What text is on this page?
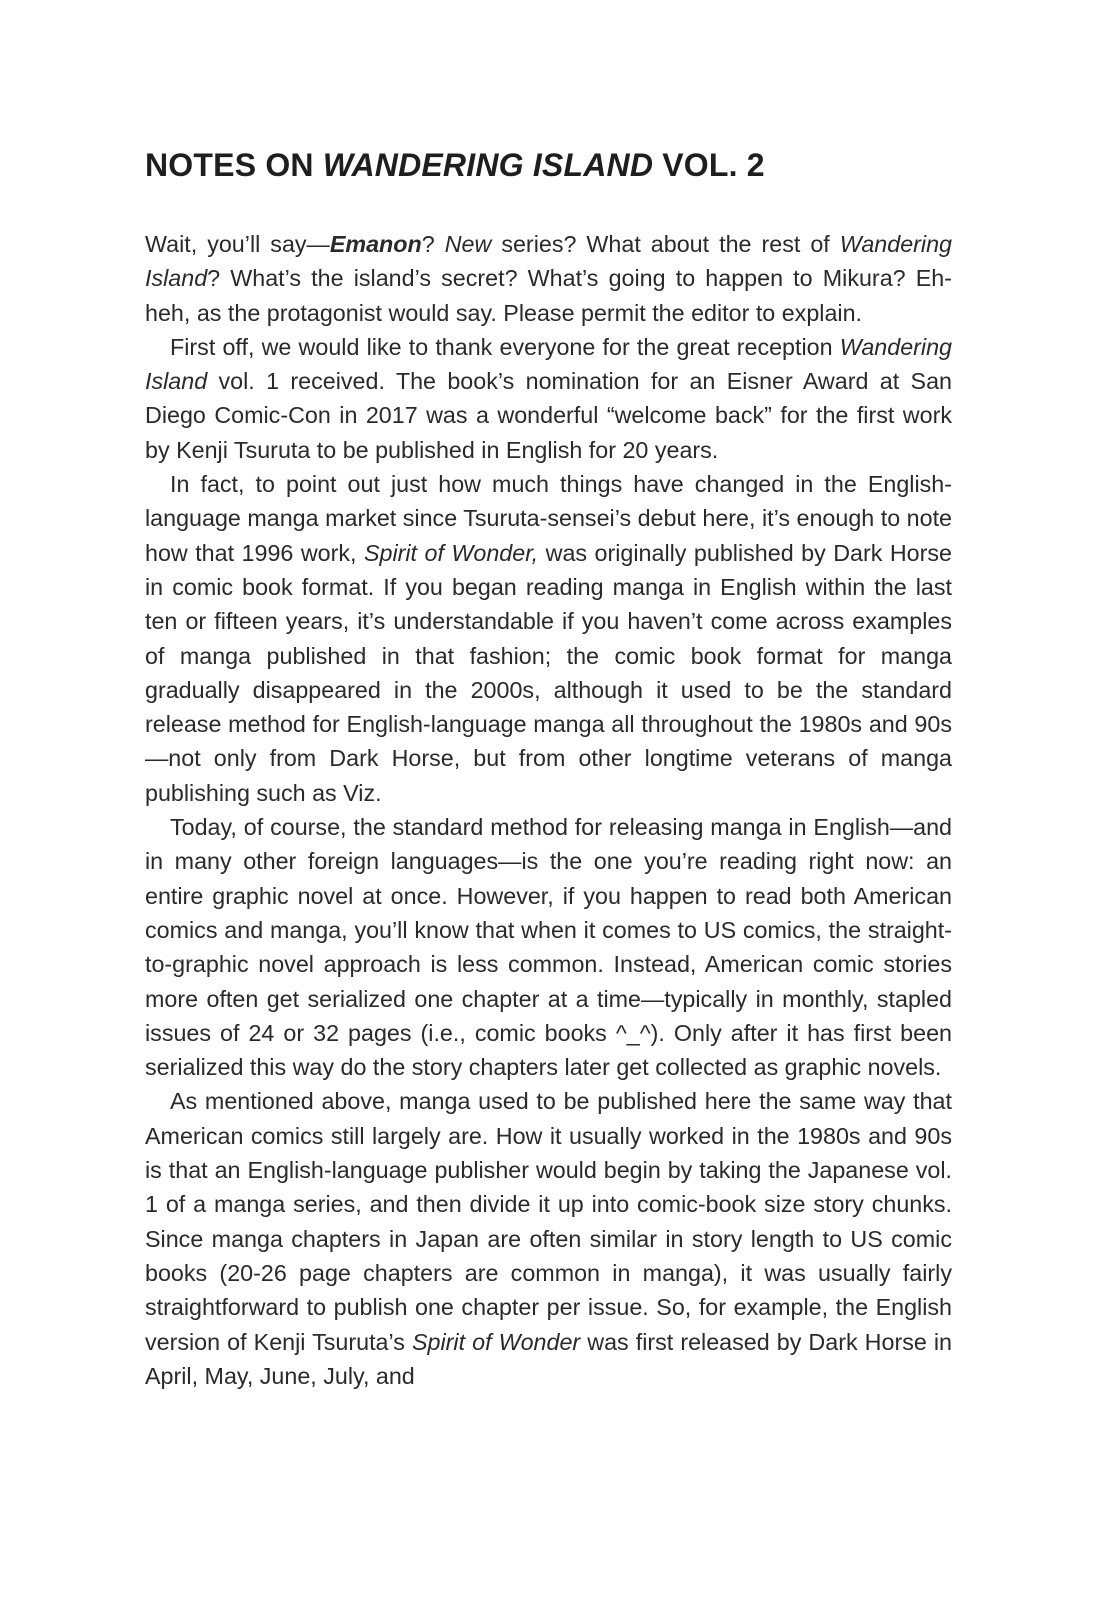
NOTES ON WANDERING ISLAND VOL. 2

Wait, you’ll say—Emanon? New series? What about the rest of Wandering Island? What’s the island’s secret? What’s going to happen to Mikura? Eh-heh, as the protagonist would say. Please permit the editor to explain.

First off, we would like to thank everyone for the great reception Wandering Island vol. 1 received. The book’s nomination for an Eisner Award at San Diego Comic-Con in 2017 was a wonderful “welcome back” for the first work by Kenji Tsuruta to be published in English for 20 years.

In fact, to point out just how much things have changed in the English-language manga market since Tsuruta-sensei’s debut here, it’s enough to note how that 1996 work, Spirit of Wonder, was originally published by Dark Horse in comic book format. If you began reading manga in English within the last ten or fifteen years, it’s understandable if you haven’t come across examples of manga published in that fashion; the comic book format for manga gradually disappeared in the 2000s, although it used to be the standard release method for English-language manga all throughout the 1980s and 90s—not only from Dark Horse, but from other longtime veterans of manga publishing such as Viz.

Today, of course, the standard method for releasing manga in English—and in many other foreign languages—is the one you’re reading right now: an entire graphic novel at once. However, if you happen to read both American comics and manga, you’ll know that when it comes to US comics, the straight-to-graphic novel approach is less common. Instead, American comic stories more often get serialized one chapter at a time—typically in monthly, stapled issues of 24 or 32 pages (i.e., comic books ^_^). Only after it has first been serialized this way do the story chapters later get collected as graphic novels.

As mentioned above, manga used to be published here the same way that American comics still largely are. How it usually worked in the 1980s and 90s is that an English-language publisher would begin by taking the Japanese vol. 1 of a manga series, and then divide it up into comic-book size story chunks. Since manga chapters in Japan are often similar in story length to US comic books (20-26 page chapters are common in manga), it was usually fairly straightforward to publish one chapter per issue. So, for example, the English version of Kenji Tsuruta’s Spirit of Wonder was first released by Dark Horse in April, May, June, July, and
